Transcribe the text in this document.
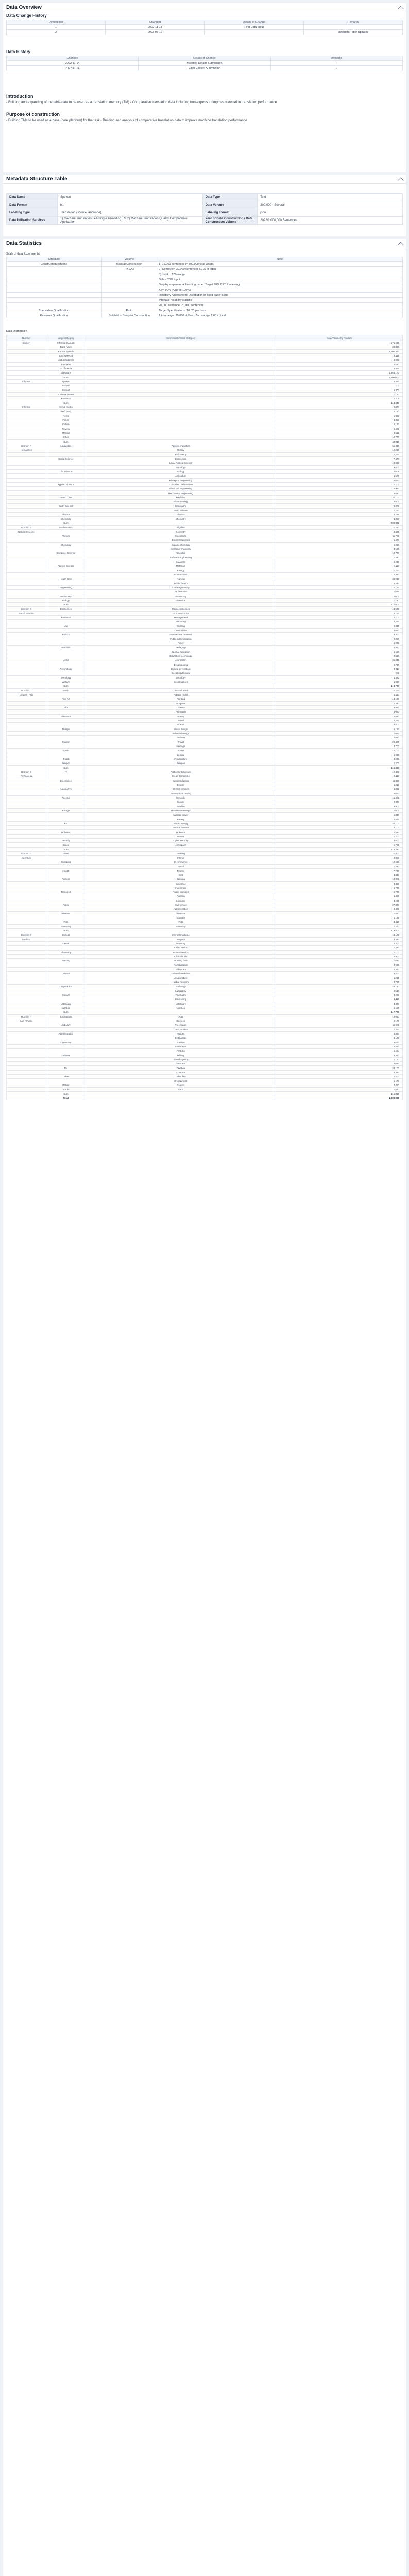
Data Overview
Data Change History
Description	Changed	Details of Change	Remarks
1	2022-11-14	First Data Input	
2	2023-05-12		Metadata Table Updates
Data History
Changed	Details of Change	Remarks
2022-11-14	Modified Details Submission	-
2022-11-14	Final Results Submission	-
Introduction

- Building and expanding of the table data to be used as a translation memory (TM) - Comparative translation data including non-experts to improve translation translation performance

Purpose of construction

- Building TMs to be used as a base (core platform) for the task - Building and analysis of comparative translation data to improve machine translation performance

Metadata Structure Table
Data Name	Spoken	Data Type	Text
Data Format	txt	Data Volume	200,000 - Several
Labeling Type	Translation (source language)	Labeling Format	json
Data Utilization Services	1) Machine Translation Learning & Providing TM 2) Machine Translation Quality Comparative Application	Year of Data Construction / Data Construction Volume	2022/1,000,000 Sentences
Data Statistics
Scale of data Experimental
Structure	Volume	Note
Construction scheme	Manual Construction	1) 16,000 sentences (≈ 800,000 total words)
	TP, CAT	2) Computer: 30,000 sentences (1/16 of total)
		3) Jubilo : 20% range
		Sales: 20% input
		Step by step manual finishing paper, Target 90% CFT Reviewing
		Key: 90% (Approx.100%)
		Reliability Assessment: Distribution of good paper scale
		Interface reliability statistic
		20,000 sentence: 20,000 sentences
Translation Qualification	Ratio	Target Specifications: 10, 20 per hour
Reviewer Qualification	Subfield in Sampler Construction	1 to a range: 20,000 at Batch 5 coverage 2.00 in total
Data Distribution
Number	Large Category	Intermediate/Small Category	Data Volume by Product
Spoken	Informal (casual)		171,600
	Book / web		32,800
	Formal speech		1,000,370
	IDE (speech)		4,115
	Lecture/address		8,020
	Interview		16,520
	U. of media		5,812
	Literature		1,368,170
	Sum		1,000,000
Informal	Spoken		5,813
	Subject		200
	Subject		5,300
	Creative memo		1,780
	Business		1,206
	Sum		114,000
Informal	Social media		12,017
	Web (text)		2,720
	News		1,900
	Forum		3,360
	Fiction		5,160
	Review		6,402
	Manual		3,512
	Other		10,770
	Sum		40,000
Domain A	Linguistics	Applied linguistics	61,300
Humanities		History	19,200
		Philosophy	3,110
	Social Science	Economics	7,477
		Law / Political science	10,800
		Sociology	9,600
	Life Science	Biology	3,006
		Agriculture	1,570
		Biological Engineering	2,060
	Applied Science	Computer / Information	7,200
		Electrical Engineering	3,950
		Mechanical Engineering	4,620
	Health Care	Medicine	32,100
		Pharmacology	4,600
	Earth Science	Geography	2,070
		Earth Science	1,260
	Physics	Physics	4,215
	Chemistry	Chemistry	3,800
	Sum		200,000
Domain B	Mathematics	Algebra	11,210
Natural Science		Geometry	4,320
	Physics	Mechanics	11,720
		Electromagnetics	1,470
	Chemistry	Organic chemistry	5,210
		Inorganic chemistry	3,530
	Computer Science	Algorithm	12,770
		Software engineering	1,820
		Database	6,290
	Applied Science	Materials	8,117
		Energy	1,210
		Environment	3,330
	Health Care	Nursing	36,030
		Public health	5,830
	Engineering	Civil engineering	2,130
		Architecture	1,021
	Astronomy	Astronomy	2,600
	Biology	Genetics	1,740
	Sum		117,600
Domain C	Economics	Macroeconomics	13,500
Social Science		Microeconomics	4,290
	Business	Management	12,200
		Marketing	1,110
	Law	Civil law	8,340
		Criminal law	3,010
	Politics	International relations	19,300
		Public administration	2,250
		Policy	5,020
	Education	Pedagogy	5,990
		Special education	1,610
		Education technology	2,810
	Media	Journalism	21,040
		Broadcasting	4,790
	Psychology	Clinical psychology	2,010
		Social psychology	920
	Sociology	Sociology	3,320
	Welfare	Social welfare	1,900
	Sum		113,700
Domain D	Music	Classical music	10,290
Culture / Arts		Popular music	3,410
	Fine Art	Painting	14,100
		Sculpture	1,320
	Film	Cinema	6,910
		Animation	3,050
	Literature	Poetry	16,030
		Novel	2,110
		Drama	4,600
	Design	Visual design	6,120
		Industrial design	1,050
		Fashion	2,610
	Tourism	Travel	29,400
		Heritage	4,700
	Sports	Sports	2,700
		Leisure	1,030
	Food	Food culture	3,230
	Religion	Religion	1,200
	Sum		115,860
Domain E	IT	Artificial intelligence	12,400
Technology		Cloud computing	4,110
	Electronics	Semiconductors	11,880
		Display	1,210
	Automotive	Electric vehicles	6,330
		Autonomous driving	3,060
	Telecom	Networks	15,420
		Mobile	2,000
		Satellite	4,900
	Energy	Renewable energy	7,600
		Nuclear power	1,300
		Battery	2,870
	Bio	Biotechnology	30,100
		Medical devices	4,100
	Robotics	Robotics	2,450
		Drones	1,200
	Security	Cyber security	3,600
	Space	Aerospace	1,720
	Sum		116,250
Domain F	Home	Housing	11,900
Daily Life		Interior	4,050
	Shopping	E-commerce	12,660
		Retail	1,420
	Health	Fitness	7,700
		Diet	3,300
	Finance	Banking	18,820
		Insurance	2,380
		Investment	5,700
	Transport	Public transport	6,700
		Aviation	1,400
		Logistics	3,250
	Public	Civil service	27,300
		Administration	4,400
	Weather	Weather	2,540
		Disaster	1,120
	Pets	Pets	3,410
	Parenting	Parenting	1,450
	Sum		119,500
Domain G	Clinical	Internal medicine	13,120
Medical		Surgery	4,450
	Dental	Dentistry	12,300
		Orthodontics	1,330
	Pharmacy	Pharmaceutics	7,100
		Clinical trials	2,900
	Nursing	Nursing care	17,010
		Rehabilitation	2,500
		Elder care	5,110
	Oriental	Oriental medicine	6,400
		Acupuncture	1,260
		Herbal medicine	2,760
	Diagnostics	Radiology	28,720
		Laboratory	4,510
	Mental	Psychiatry	2,220
		Counseling	1,110
	Veterinary	Veterinary	3,300
	Nutrition	Nutrition	1,630
	Sum		117,730
Domain H	Legislation	Acts	12,030
Law / Public		Decrees	4,170
	Judiciary	Precedents	11,920
		Court records	1,390
	Administration	Notices	6,880
		Ordinances	3,130
	Diplomacy	Treaties	16,660
		Statements	2,410
		Reports	5,230
	Defense	Military	6,310
		Security policy	1,190
		Veterans	2,650
	Tax	Taxation	28,100
		Customs	4,380
	Labor	Labor law	2,400
		Employment	1,170
	Patent	Patents	3,490
	Audit	Audit	1,540
	Sum		115,000
	Total		1,000,000
